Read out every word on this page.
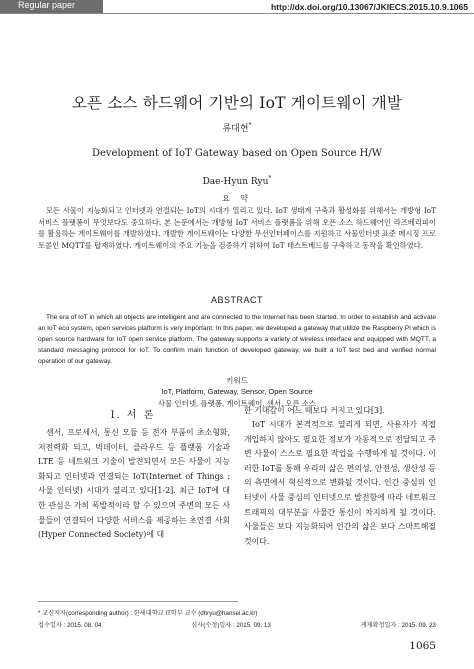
Regular paper	http://dx.doi.org/10.13067/JKIECS.2015.10.9.1065
오픈 소스 하드웨어 기반의 IoT 게이트웨이 개발
류대현*
Development of IoT Gateway based on Open Source H/W
Dae-Hyun Ryu*
요 약

모든 사물이 지능화되고 인터넷과 연결되는 IoT의 시대가 열리고 있다. IoT 생태계 구축과 활성화를 위해서는 개방형 IoT 서비스 플랫폼이 무엇보다도 중요하다. 본 논문에서는 개방형 IoT 서비스 플랫폼을 위해 오픈 소스 하드웨어인 라즈베리파이를 활용하는 게이트웨이를 개발하였다. 개발한 게이트웨이는 다양한 무선인터페이스를 지원하고 사물인터넷 표준 메시징 프로토콜인 MQTT를 탑재하였다. 게이트웨이의 주요 기능을 검증하기 위하여 IoT 테스트베드를 구축하고 동작을 확인하였다.

ABSTRACT

The era of IoT in which all objects are intelligent and are connected to the Internet has been started. In order to establish and activate an IoT eco system, open services platform is very important. In this paper, we developed a gateway that utilize the Raspberry Pi which is open source hardware for IoT open service platform. The gateway supports a variety of wireless interface and equipped with MQTT, a standard messaging protocol for IoT. To confirm main function of developed gateway, we built a IoT test bed and verified normal operation of our gateway.

키워드
IoT, Platform, Gateway, Sensor, Open Source
사물 인터넷, 플랫폼, 게이트웨이, 센서, 오픈 소스
Ⅰ. 서 론

센서, 프로세서, 통신 모듈 등 전자 부품이 초소형화, 저전력화 되고, 빅데이터, 클라우드 등 플랫폼 기술과 LTE 등 네트워크 기술이 발전되면서 모든 사물이 지능화되고 인터넷과 연결되는 IoT(Internet of Things : 사물 인터넷) 시대가 열리고 있다[1-2]. 최근 IoT에 대한 관심은 가히 폭발적이라 할 수 있으며 주변의 모든 사물들이 연결되어 다양한 서비스를 제공하는 초연결 사회(Hyper Connected Society)에 대

한 기대감이 어느 때보다 커지고 있다[3].

IoT 시대가 본격적으로 열리게 되면, 사용자가 직접 개입하지 않아도 필요한 정보가 자동적으로 전달되고 주변 사물이 스스로 필요한 작업을 수행하게 될 것이다. 이러한 IoT를 통해 우리의 삶은 편의성, 안전성, 생산성 등의 측면에서 혁신적으로 변화될 것이다. 인간 중심의 인터넷이 사물 중심의 인터넷으로 발전함에 따라 네트워크 트래픽의 대부분을 사물간 통신이 차지하게 될 것이다. 사물들은 보다 지능화되어 인간의 삶은 보다 스마트해질 것이다.

* 교신저자(corresponding author) : 한세대학교 IT학부 교수 (dhryu@hansei.ac.kr)
접수일자 : 2015. 08. 04	심사(수정)일자 : 2015. 09. 13	게재확정일자 : 2015. 09. 23
1065
